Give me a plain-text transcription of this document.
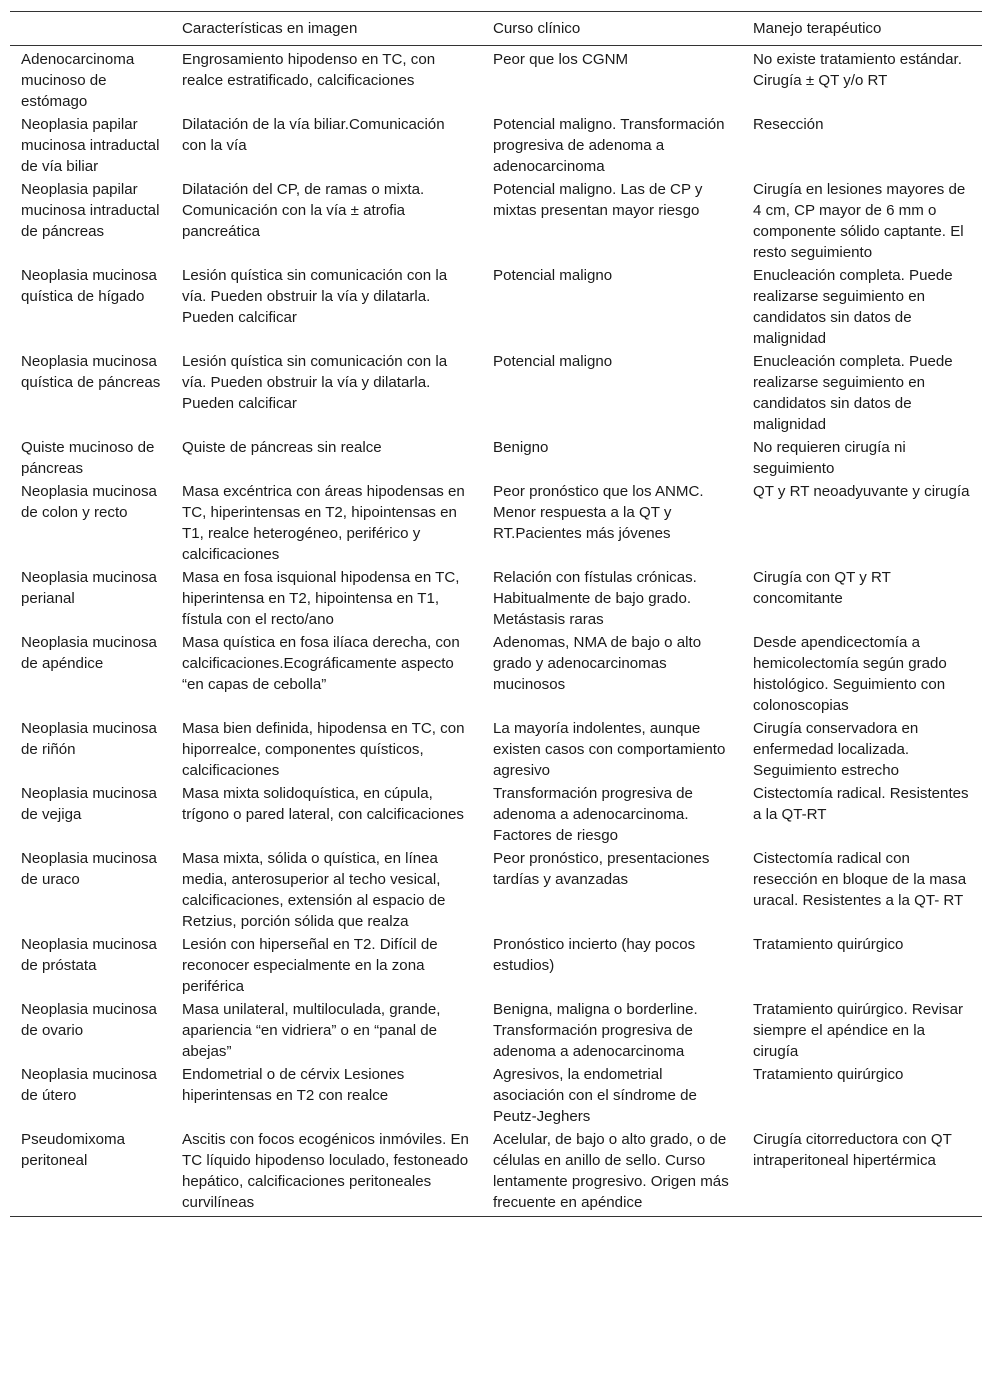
	Características en imagen	Curso clínico	Manejo terapéutico
Adenocarcinoma mucinoso de estómago	Engrosamiento hipodenso en TC, con realce estratificado, calcificaciones	Peor que los CGNM	No existe tratamiento estándar. Cirugía ± QT y/o RT
Neoplasia papilar mucinosa intraductal de vía biliar	Dilatación de la vía biliar.Comunicación con la vía	Potencial maligno. Transformación progresiva de adenoma a adenocarcinoma	Resección
Neoplasia papilar mucinosa intraductal de páncreas	Dilatación del CP, de ramas o mixta. Comunicación con la vía ± atrofia pancreática	Potencial maligno. Las de CP y mixtas presentan mayor riesgo	Cirugía en lesiones mayores de 4 cm, CP mayor de 6 mm o componente sólido captante. El resto seguimiento
Neoplasia mucinosa quística de hígado	Lesión quística sin comunicación con la vía. Pueden obstruir la vía y dilatarla. Pueden calcificar	Potencial maligno	Enucleación completa. Puede realizarse seguimiento en candidatos sin datos de malignidad
Neoplasia mucinosa quística de páncreas	Lesión quística sin comunicación con la vía. Pueden obstruir la vía y dilatarla. Pueden calcificar	Potencial maligno	Enucleación completa. Puede realizarse seguimiento en candidatos sin datos de malignidad
Quiste mucinoso de páncreas	Quiste de páncreas sin realce	Benigno	No requieren cirugía ni seguimiento
Neoplasia mucinosa de colon y recto	Masa excéntrica con áreas hipodensas en TC, hiperintensas en T2, hipointensas en T1, realce heterogéneo, periférico y calcificaciones	Peor pronóstico que los ANMC. Menor respuesta a la QT y RT.Pacientes más jóvenes	QT y RT neoadyuvante y cirugía
Neoplasia mucinosa perianal	Masa en fosa isquional hipodensa en TC, hiperintensa en T2, hipointensa en T1, fístula con el recto/ano	Relación con fístulas crónicas. Habitualmente de bajo grado. Metástasis raras	Cirugía con QT y RT concomitante
Neoplasia mucinosa de apéndice	Masa quística en fosa ilíaca derecha, con calcificaciones.Ecográficamente aspecto “en capas de cebolla”	Adenomas, NMA de bajo o alto grado y adenocarcinomas mucinosos	Desde apendicectomía a hemicolectomía según grado histológico. Seguimiento con colonoscopias
Neoplasia mucinosa de riñón	Masa bien definida, hipodensa en TC, con hiporrealce, componentes quísticos, calcificaciones	La mayoría indolentes, aunque existen casos con comportamiento agresivo	Cirugía conservadora en enfermedad localizada. Seguimiento estrecho
Neoplasia mucinosa de vejiga	Masa mixta solidoquística, en cúpula, trígono o pared lateral, con calcificaciones	Transformación progresiva de adenoma a adenocarcinoma. Factores de riesgo	Cistectomía radical. Resistentes a la QT-RT
Neoplasia mucinosa de uraco	Masa mixta, sólida o quística, en línea media, anterosuperior al techo vesical, calcificaciones, extensión al espacio de Retzius, porción sólida que realza	Peor pronóstico, presentaciones tardías y avanzadas	Cistectomía radical con resección en bloque de la masa uracal. Resistentes a la QT- RT
Neoplasia mucinosa de próstata	Lesión con hiperseñal en T2. Difícil de reconocer especialmente en la zona periférica	Pronóstico incierto (hay pocos estudios)	Tratamiento quirúrgico
Neoplasia mucinosa de ovario	Masa unilateral, multiloculada, grande, apariencia “en vidriera” o en “panal de abejas”	Benigna, maligna o borderline. Transformación progresiva de adenoma a adenocarcinoma	Tratamiento quirúrgico. Revisar siempre el apéndice en la cirugía
Neoplasia mucinosa de útero	Endometrial o de cérvix Lesiones hiperintensas en T2 con realce	Agresivos, la endometrial asociación con el síndrome de Peutz-Jeghers	Tratamiento quirúrgico
Pseudomixoma peritoneal	Ascitis con focos ecogénicos inmóviles. En TC líquido hipodenso loculado, festoneado hepático, calcificaciones peritoneales curvilíneas	Acelular, de bajo o alto grado, o de células en anillo de sello. Curso lentamente progresivo. Origen más frecuente en apéndice	Cirugía citorreductora con QT intraperitoneal hipertérmica
